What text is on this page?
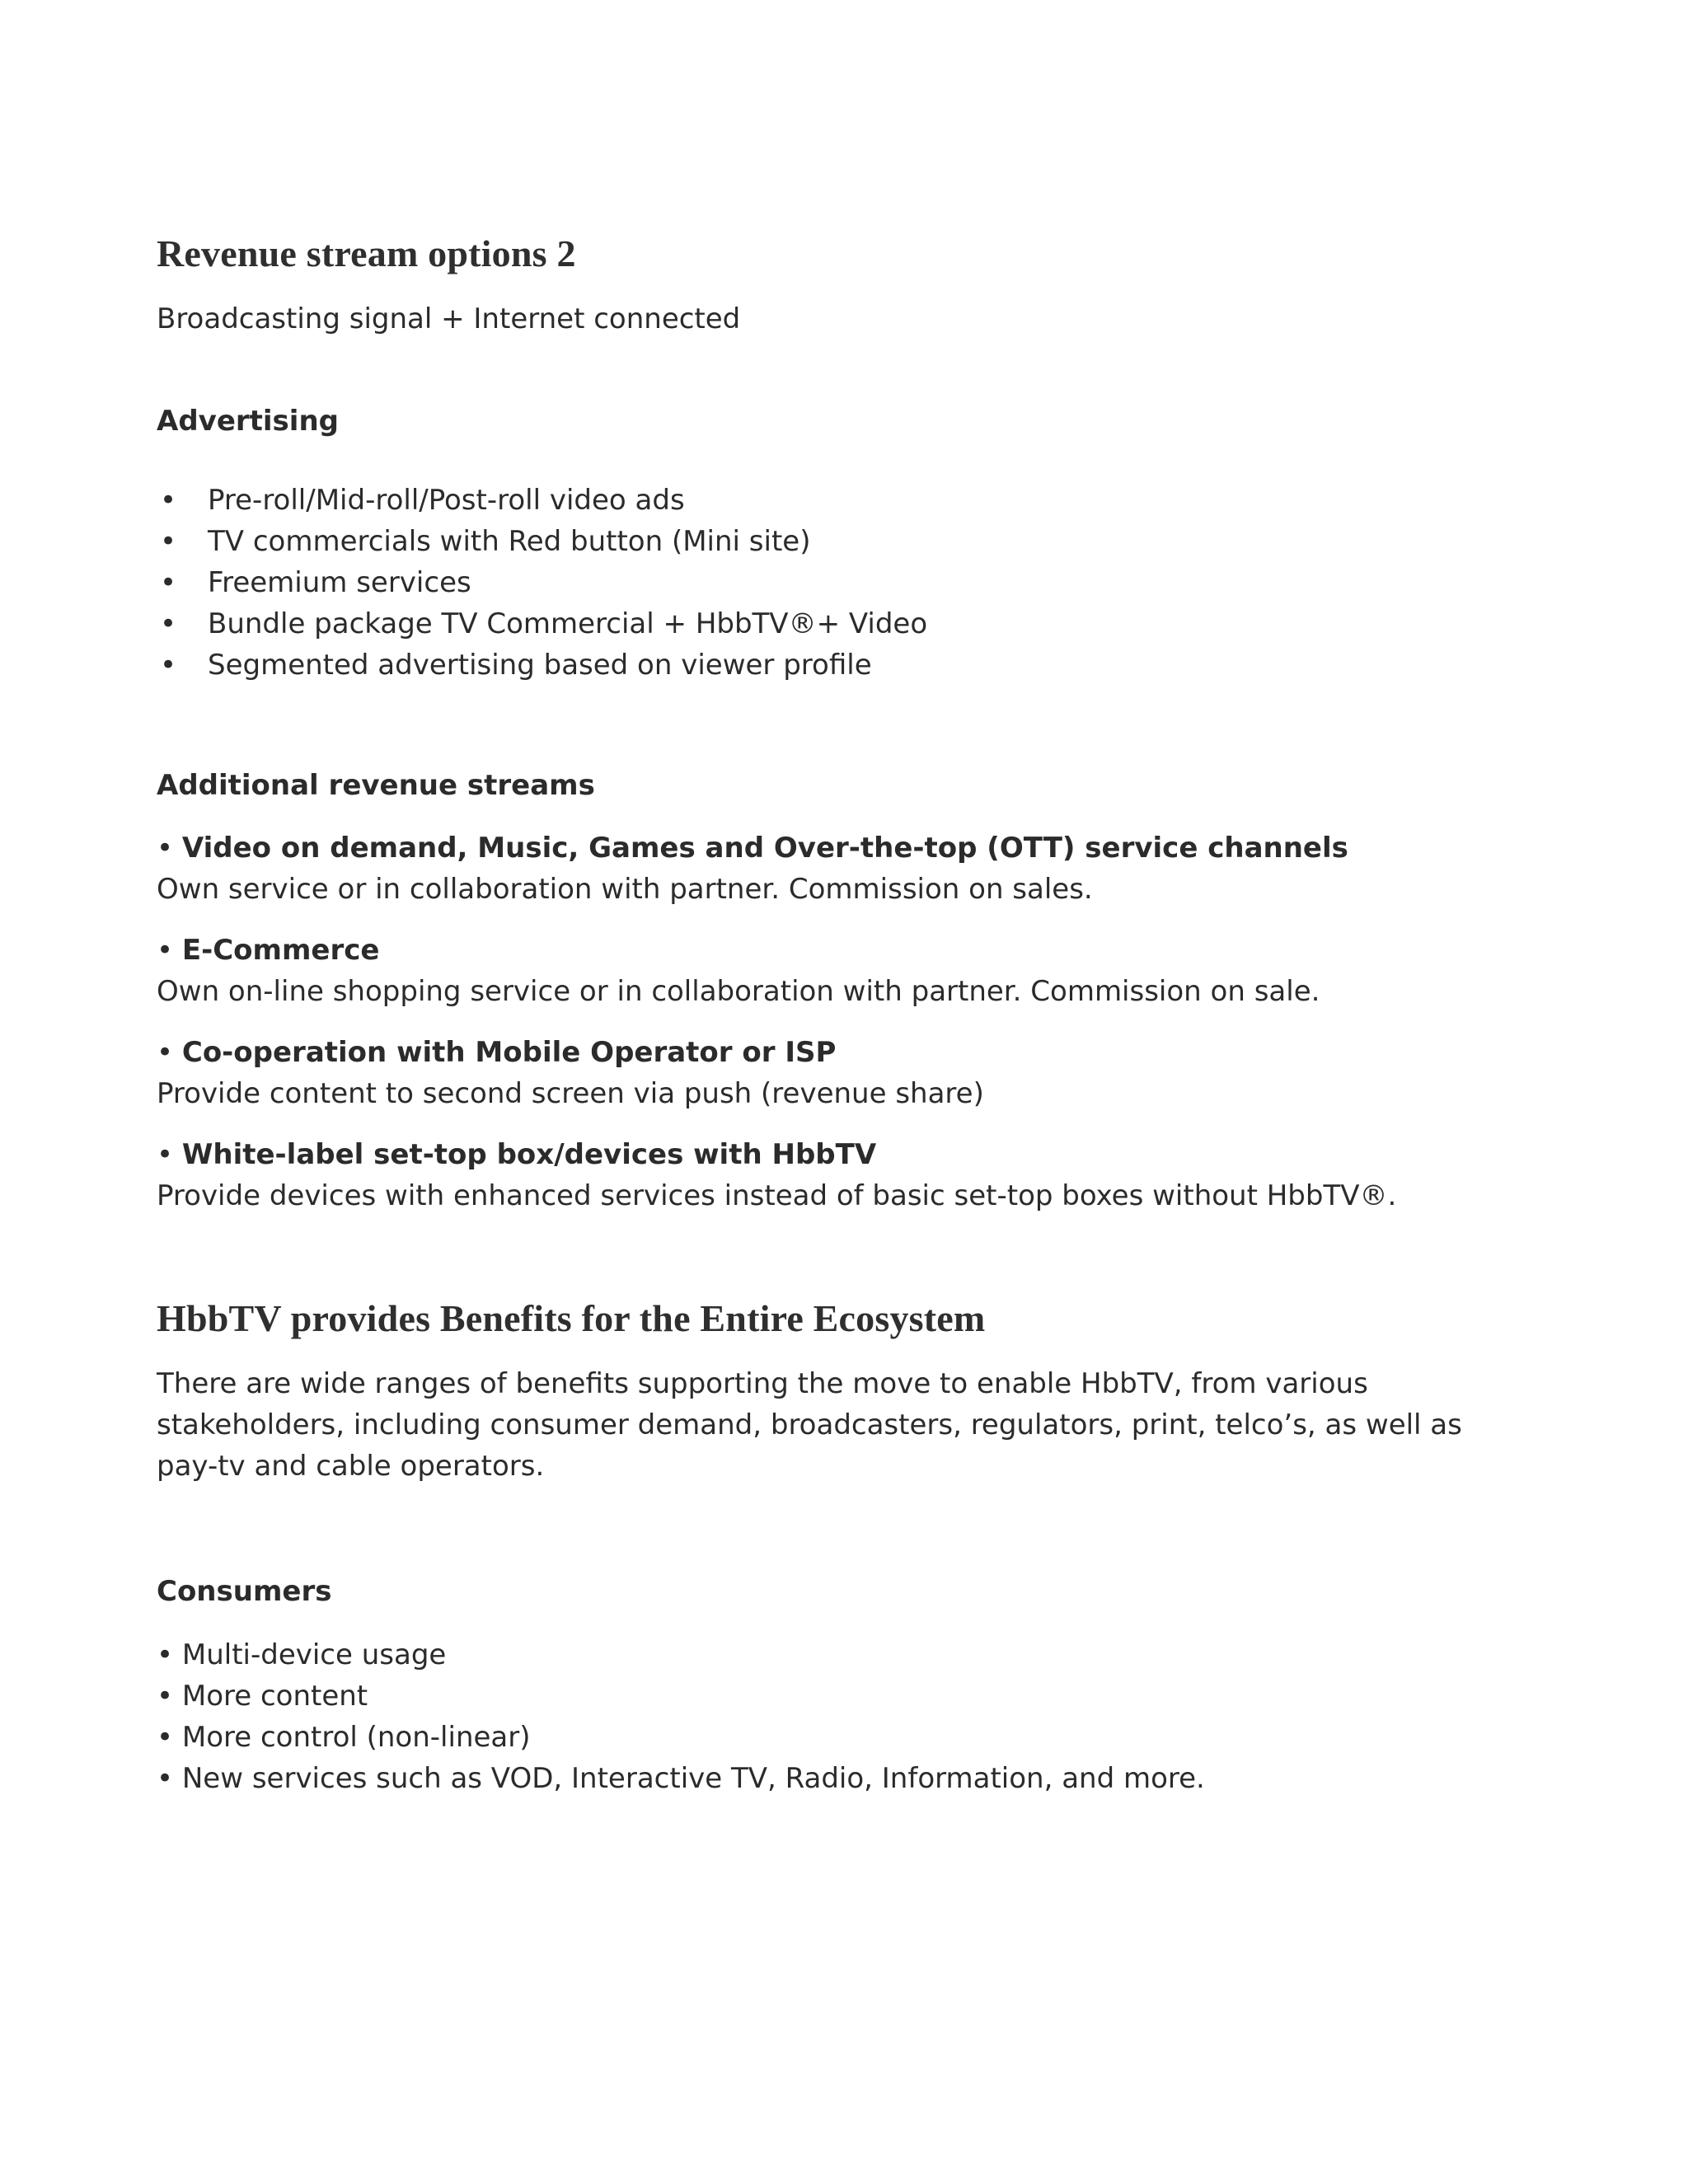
Revenue stream options 2
Broadcasting signal + Internet connected
Advertising
• Pre-roll/Mid-roll/Post-roll video ads
• TV commercials with Red button (Mini site)
• Freemium services
• Bundle package TV Commercial + HbbTV®+ Video
• Segmented advertising based on viewer profile
Additional revenue streams
• Video on demand, Music, Games and Over-the-top (OTT) service channels
Own service or in collaboration with partner. Commission on sales.
• E-Commerce
Own on-line shopping service or in collaboration with partner. Commission on sale.
• Co-operation with Mobile Operator or ISP
Provide content to second screen via push (revenue share)
• White-label set-top box/devices with HbbTV
Provide devices with enhanced services instead of basic set-top boxes without HbbTV®.
HbbTV provides Benefits for the Entire Ecosystem
There are wide ranges of benefits supporting the move to enable HbbTV, from various stakeholders, including consumer demand, broadcasters, regulators, print, telco’s, as well as pay-tv and cable operators.
Consumers
• Multi-device usage
• More content
• More control (non-linear)
• New services such as VOD, Interactive TV, Radio, Information, and more.
